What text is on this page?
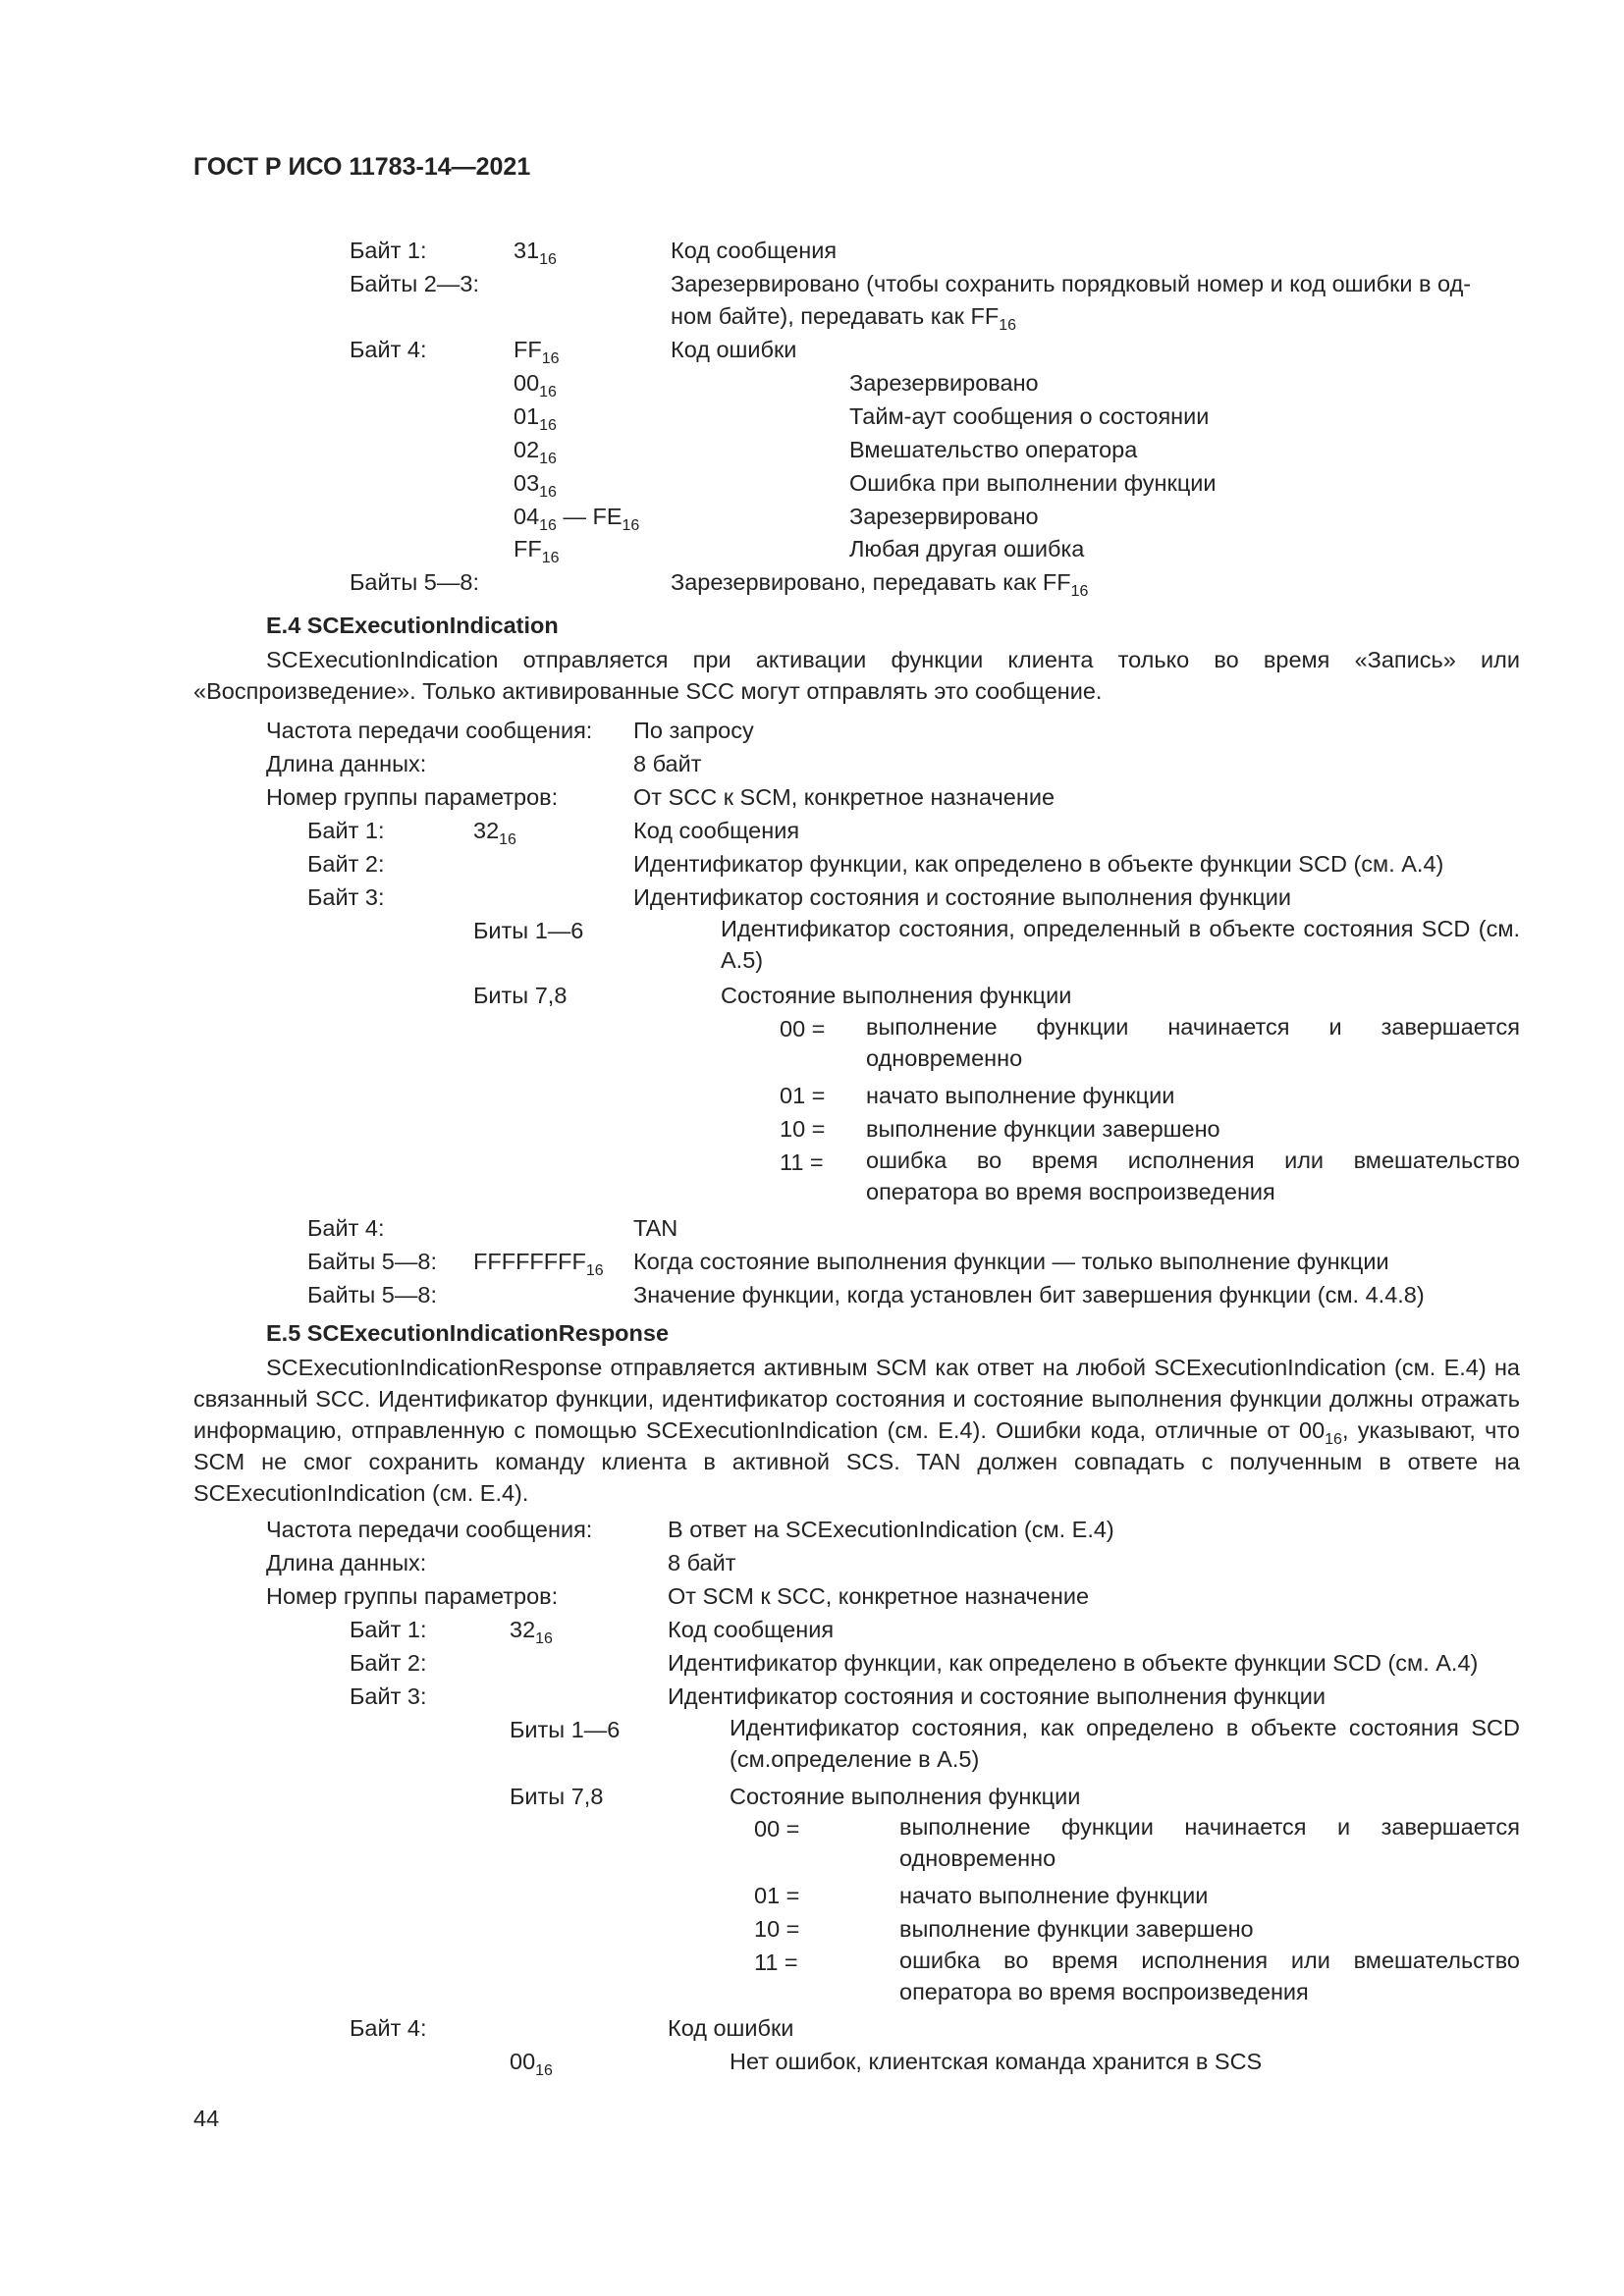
ГОСТ Р ИСО 11783-14—2021
Байт 1:	$31_{16}$	Код сообщения
Байты 2—3:	Зарезервировано (чтобы сохранить порядковый номер и код ошибки в од-
ном байте), передавать как $FF_{16}$
Байт 4:	$FF_{16}$	Код ошибки
$00_{16}$	Зарезервировано
$01_{16}$	Тайм-аут сообщения о состоянии
$02_{16}$	Вмешательство оператора
$03_{16}$	Ошибка при выполнении функции
$04_{16}$ — $FE_{16}$	Зарезервировано
$FF_{16}$	Любая другая ошибка
Байты 5—8:	Зарезервировано, передавать как $FF_{16}$
Е.4 SCExecutionIndication
SCExecutionIndication отправляется при активации функции клиента только во время «Запись» или «Воспроизведение». Только активированные SCC могут отправлять это сообщение.
Частота передачи сообщения: По запросу
Длина данных:	8 байт
Номер группы параметров:	От SCC к SCM, конкретное назначение
Байт 1:	$32_{16}$	Код сообщения
Байт 2:	Идентификатор функции, как определено в объекте функции SCD (см. А.4)
Байт 3:	Идентификатор состояния и состояние выполнения функции
Биты 1—6	Идентификатор состояния, определенный в объекте состояния SCD (см. А.5)
Биты 7,8	Состояние выполнения функции
00 = выполнение функции начинается и завершается одновременно
01 = начато выполнение функции
10 = выполнение функции завершено
11 = ошибка во время исполнения или вмешательство оператора во время воспроизведения
Байт 4:	TAN
Байты 5—8: $FFFFFFFF_{16}$ Когда состояние выполнения функции — только выполнение функции
Байты 5—8:	Значение функции, когда установлен бит завершения функции (см. 4.4.8)
Е.5 SCExecutionIndicationResponse
SCExecutionIndicationResponse отправляется активным SCM как ответ на любой SCExecutionIndication (см. Е.4) на связанный SCC. Идентификатор функции, идентификатор состояния и состояние выполнения функции должны отражать информацию, отправленную с помощью SCExecutionIndication (см. Е.4). Ошибки кода, отличные от $00_{16}$, указывают, что SCM не смог сохранить команду клиента в активной SCS. TAN должен совпадать с полученным в ответе на SCExecutionIndication (см. Е.4).
Частота передачи сообщения:	В ответ на SCExecutionIndication (см. Е.4)
Длина данных:	8 байт
Номер группы параметров:	От SCM к SCC, конкретное назначение
Байт 1:	$32_{16}$	Код сообщения
Байт 2:	Идентификатор функции, как определено в объекте функции SCD (см. А.4)
Байт 3:	Идентификатор состояния и состояние выполнения функции
Биты 1—6	Идентификатор состояния, как определено в объекте состояния SCD (см.определение в А.5)
Биты 7,8	Состояние выполнения функции
00 =	выполнение функции начинается и завершается одновременно
01 =	начато выполнение функции
10 =	выполнение функции завершено
11 =	ошибка во время исполнения или вмешательство оператора во время воспроизведения
Байт 4:	Код ошибки
$00_{16}$	Нет ошибок, клиентская команда хранится в SCS
44
